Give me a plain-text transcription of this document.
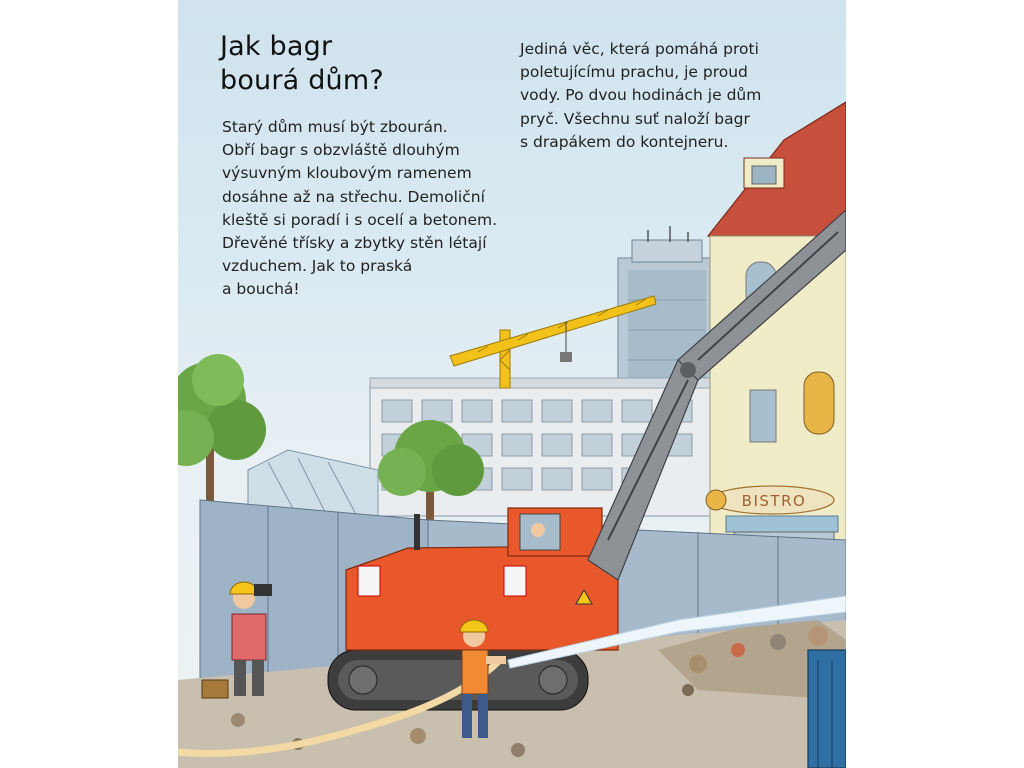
BISTRO
Jak bagr
bourá dům?
Starý dům musí být zbourán.
Obří bagr s obzvláště dlouhým
výsuvným kloubovým ramenem
dosáhne až na střechu. Demoliční
kleště si poradí i s ocelí a betonem.
Dřevěné třísky a zbytky stěn létají
vzduchem. Jak to praská
a bouchá!
Jediná věc, která pomáhá proti
poletujícímu prachu, je proud
vody. Po dvou hodinách je dům
pryč. Všechnu suť naloží bagr
s drapákem do kontejneru.
